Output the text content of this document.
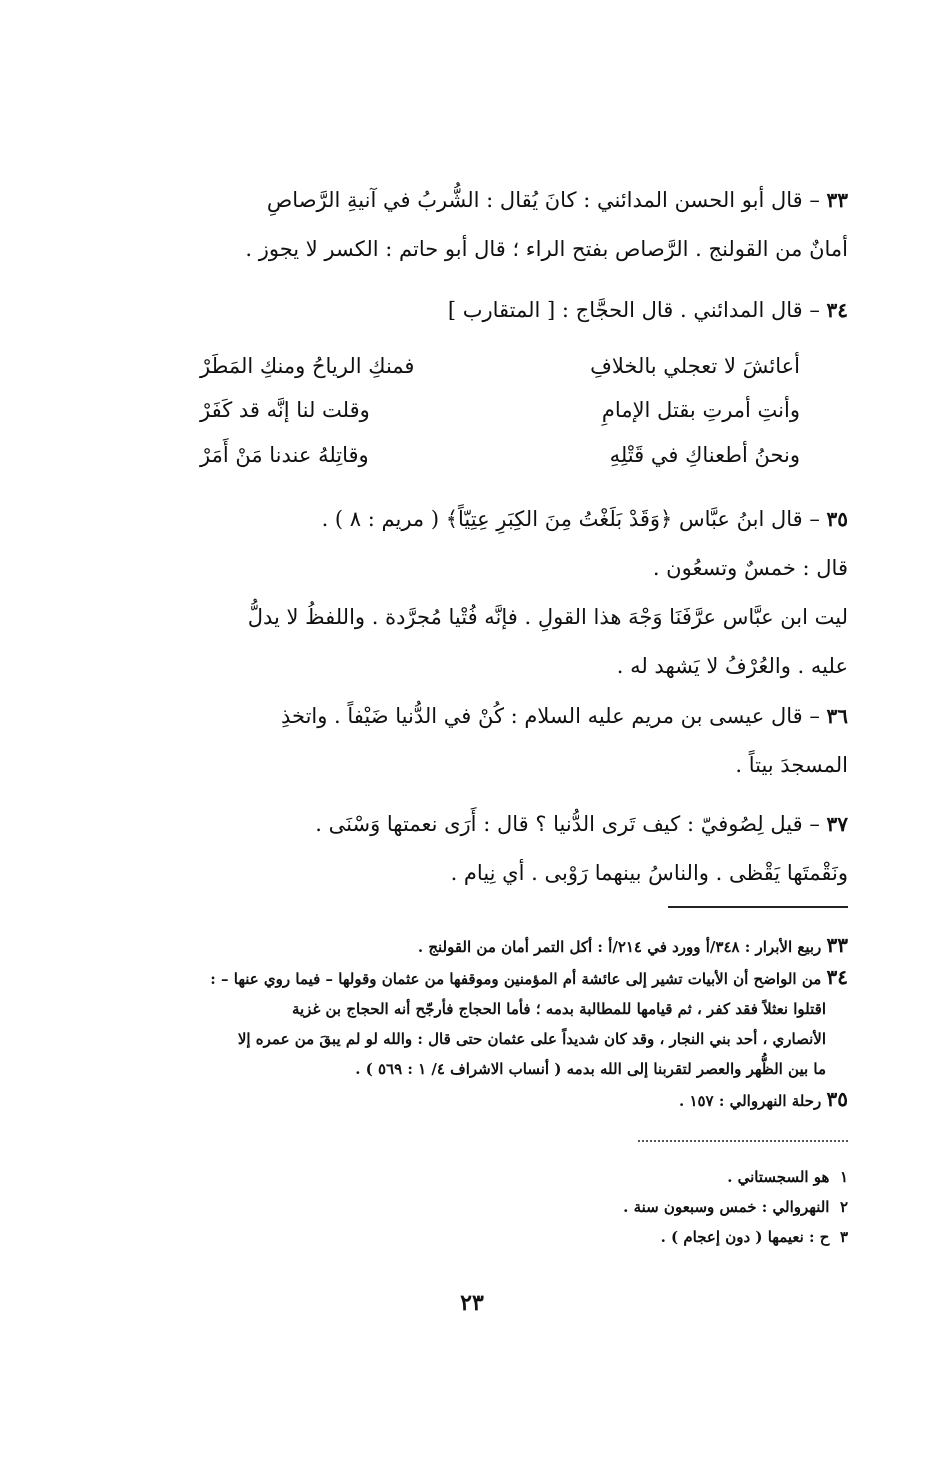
٣٣ – قال أبو الحسن المدائني : كانَ يُقال : الشُّربُ في آنيةِ الرَّصاصِ
أمانٌ من القولنج . الرَّصاص بفتح الراء ؛ قال أبو حاتم : الكسر لا يجوز .
٣٤ – قال المدائني . قال الحجَّاج : [ المتقارب ]
أعائشَ لا تعجلي بالخلافِ
فمنكِ الرياحُ ومنكِ المَطَرْ
وأنتِ أمرتِ بقتل الإمامِ
وقلت لنا إنَّه قد كَفَرْ
ونحنُ أطعناكِ في قَتْلِهِ
وقاتِلهُ عندنا مَنْ أَمَرْ
٣٥ – قال ابنُ عبَّاس ﴿وَقَدْ بَلَغْتُ مِنَ الكِبَرِ عِتِيّاً﴾ ( مريم : ٨ ) .
قال : خمسٌ وتسعُون .
ليت ابن عبَّاس عرَّفَنَا وَجْهَ هذا القولِ . فإنَّه فُتْيا مُجرَّدة . واللفظُ لا يدلُّ
عليه . والعُرْفُ لا يَشهد له .
٣٦ – قال عيسى بن مريم عليه السلام : كُنْ في الدُّنيا ضَيْفاً . واتخذِ
المسجدَ بيتاً .
٣٧ – قيل لِصُوفيّ : كيف تَرى الدُّنيا ؟ قال : أَرَى نعمتها وَسْنَى .
ونَقْمتَها يَقْظى . والناسُ بينهما رَوْبى . أي نِيام .
٣٣ ربيع الأبرار : ٣٤٨/أ وورد في ٢١٤/أ : أكل التمر أمان من القولنج .
٣٤ من الواضح أن الأبيات تشير إلى عائشة أم المؤمنين وموقفها من عثمان وقولها – فيما روي عنها – :
اقتلوا نعثلاً فقد كفر ، ثم قيامها للمطالبة بدمه ؛ فأما الحجاج فأرجّح أنه الحجاج بن غزية
الأنصاري ، أحد بني النجار ، وقد كان شديداً على عثمان حتى قال : والله لو لم يبقَ من عمره إلا
ما بين الظُّهر والعصر لتقربنا إلى الله بدمه ( أنساب الاشراف ٤/ ١ : ٥٦٩ ) .
٣٥ رحلة النهروالي : ١٥٧ .
١  هو السجستاني .
٢  النهروالي : خمس وسبعون سنة .
٣  ح : نعيمها ( دون إعجام ) .
٢٣
